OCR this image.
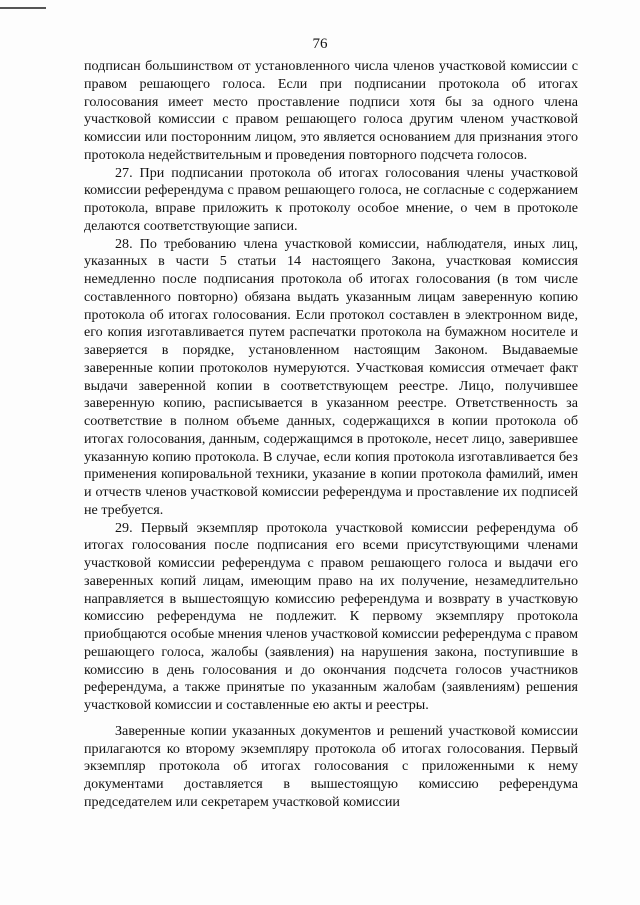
76

подписан большинством от установленного числа членов участковой комиссии с правом решающего голоса. Если при подписании протокола об итогах голосования имеет место проставление подписи хотя бы за одного члена участковой комиссии с правом решающего голоса другим членом участковой комиссии или посторонним лицом, это является основанием для признания этого протокола недействительным и проведения повторного подсчета голосов.

27. При подписании протокола об итогах голосования члены участковой комиссии референдума с правом решающего голоса, не согласные с содержанием протокола, вправе приложить к протоколу особое мнение, о чем в протоколе делаются соответствующие записи.

28. По требованию члена участковой комиссии, наблюдателя, иных лиц, указанных в части 5 статьи 14 настоящего Закона, участковая комиссия немедленно после подписания протокола об итогах голосования (в том числе составленного повторно) обязана выдать указанным лицам заверенную копию протокола об итогах голосования. Если протокол составлен в электронном виде, его копия изготавливается путем распечатки протокола на бумажном носителе и заверяется в порядке, установленном настоящим Законом. Выдаваемые заверенные копии протоколов нумеруются. Участковая комиссия отмечает факт выдачи заверенной копии в соответствующем реестре. Лицо, получившее заверенную копию, расписывается в указанном реестре. Ответственность за соответствие в полном объеме данных, содержащихся в копии протокола об итогах голосования, данным, содержащимся в протоколе, несет лицо, заверившее указанную копию протокола. В случае, если копия протокола изготавливается без применения копировальной техники, указание в копии протокола фамилий, имен и отчеств членов участковой комиссии референдума и проставление их подписей не требуется.

29. Первый экземпляр протокола участковой комиссии референдума об итогах голосования после подписания его всеми присутствующими членами участковой комиссии референдума с правом решающего голоса и выдачи его заверенных копий лицам, имеющим право на их получение, незамедлительно направляется в вышестоящую комиссию референдума и возврату в участковую комиссию референдума не подлежит. К первому экземпляру протокола приобщаются особые мнения членов участковой комиссии референдума с правом решающего голоса, жалобы (заявления) на нарушения закона, поступившие в комиссию в день голосования и до окончания подсчета голосов участников референдума, а также принятые по указанным жалобам (заявлениям) решения участковой комиссии и составленные ею акты и реестры.

Заверенные копии указанных документов и решений участковой комиссии прилагаются ко второму экземпляру протокола об итогах голосования. Первый экземпляр протокола об итогах голосования с приложенными к нему документами доставляется в вышестоящую комиссию референдума председателем или секретарем участковой комиссии
